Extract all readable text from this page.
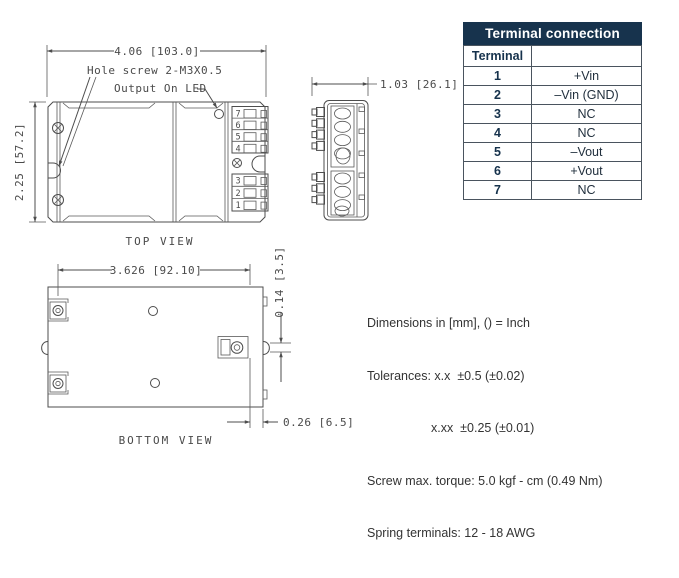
7
6
5
4
3
2
1
4.06 [103.0]
2.25 [57.2]
Hole screw 2-M3X0.5
Output On LED
TOP VIEW
1.03 [26.1]
3.626 [92.10]	0.14 [3.5]
0.26 [6.5]
BOTTOM VIEW
Terminal connection
Terminal	
1	+Vin
2	–Vin (GND)
3	NC
4	NC
5	–Vout
6	+Vout
7	NC

Dimensions in [mm], () = Inch

Tolerances: x.x  ±0.5 (±0.02)

x.xx  ±0.25 (±0.01)

Screw max. torque: 5.0 kgf - cm (0.49 Nm)

Spring terminals: 12 - 18 AWG
